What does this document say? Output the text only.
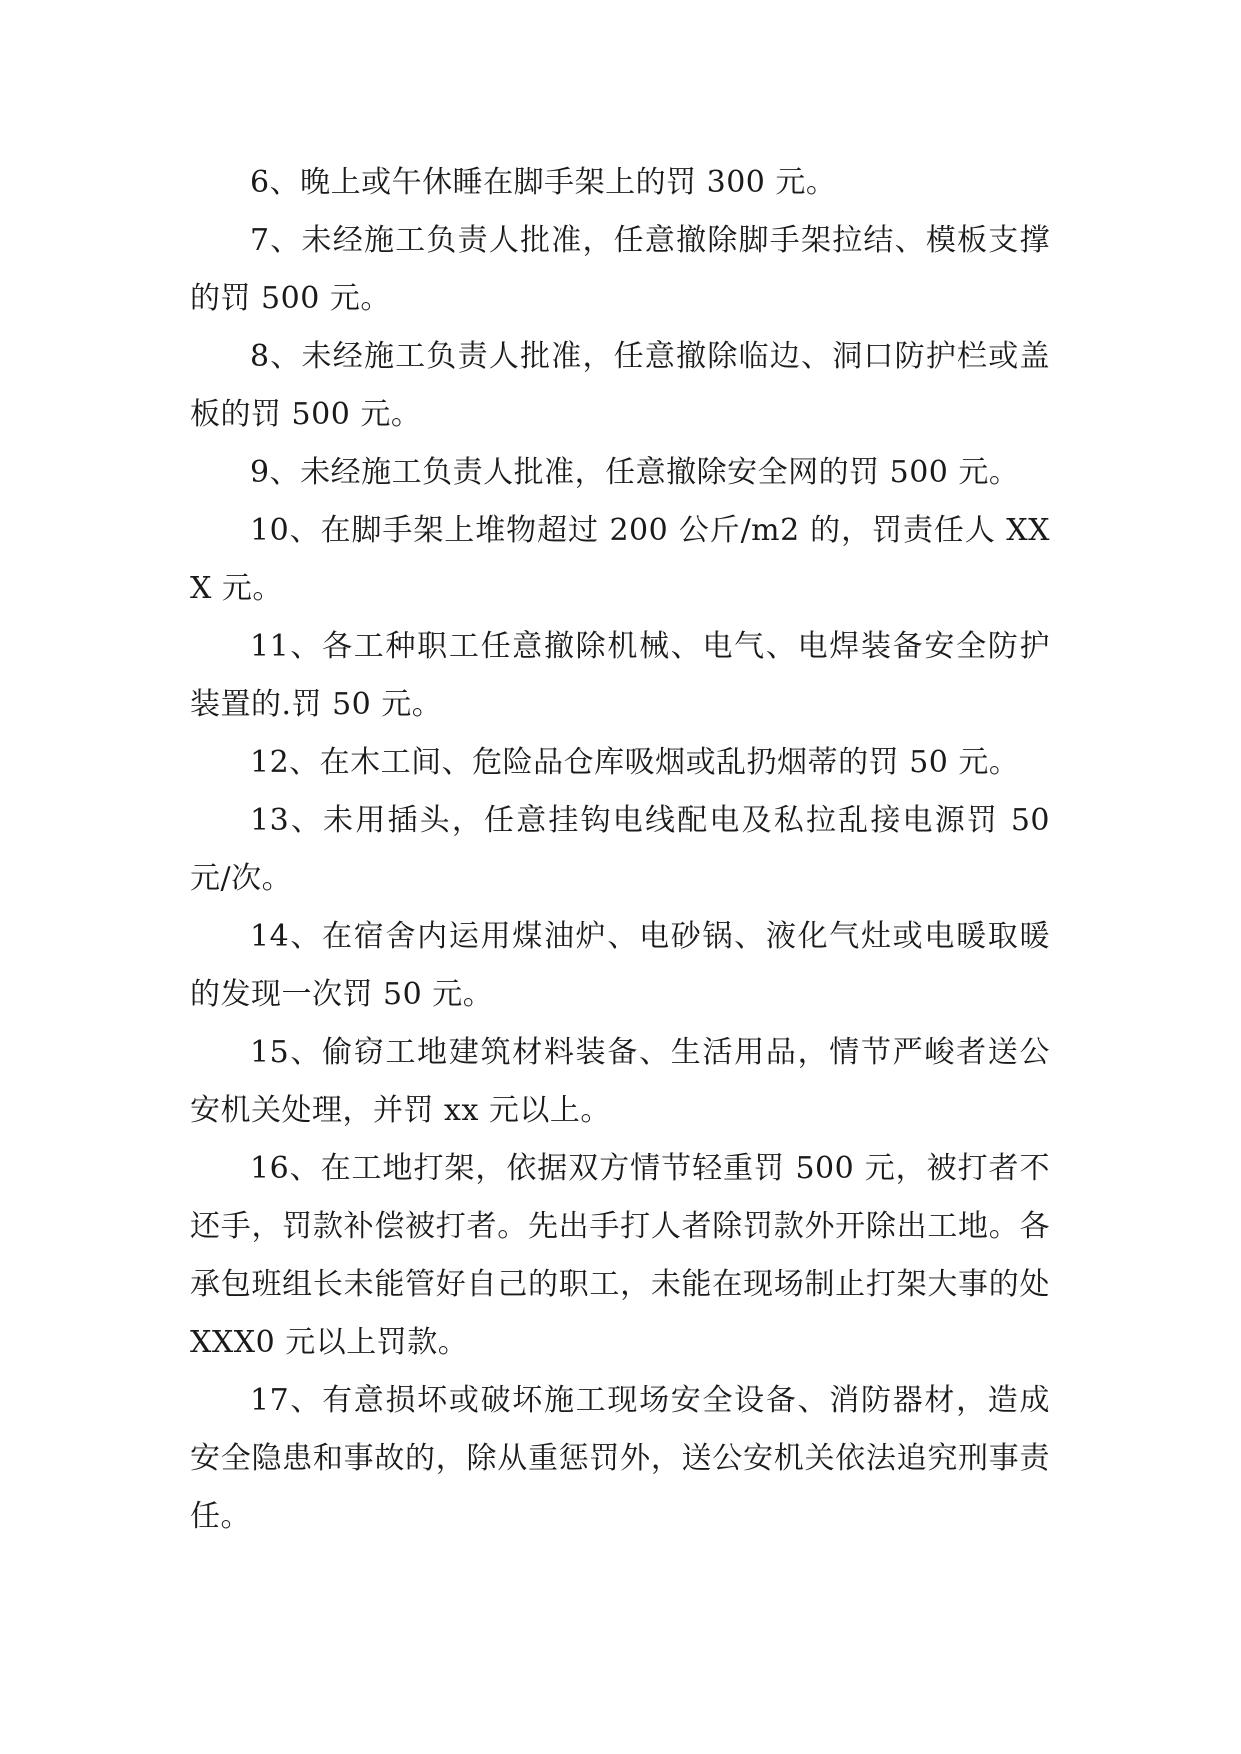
6、晚上或午休睡在脚手架上的罚 300 元。

7、未经施工负责人批准，任意撤除脚手架拉结、模板支撑的罚 500 元。

8、未经施工负责人批准，任意撤除临边、洞口防护栏或盖板的罚 500 元。

9、未经施工负责人批准，任意撤除安全网的罚 500 元。

10、在脚手架上堆物超过 200 公斤/m2 的，罚责任人 XXX 元。

11、各工种职工任意撤除机械、电气、电焊装备安全防护装置的.罚 50 元。

12、在木工间、危险品仓库吸烟或乱扔烟蒂的罚 50 元。

13、未用插头，任意挂钩电线配电及私拉乱接电源罚 50 元/次。

14、在宿舍内运用煤油炉、电砂锅、液化气灶或电暖取暖的发现一次罚 50 元。

15、偷窃工地建筑材料装备、生活用品，情节严峻者送公安机关处理，并罚 xx 元以上。

16、在工地打架，依据双方情节轻重罚 500 元，被打者不还手，罚款补偿被打者。先出手打人者除罚款外开除出工地。各承包班组长未能管好自己的职工，未能在现场制止打架大事的处 XXX0 元以上罚款。

17、有意损坏或破坏施工现场安全设备、消防器材，造成安全隐患和事故的，除从重惩罚外，送公安机关依法追究刑事责任。
